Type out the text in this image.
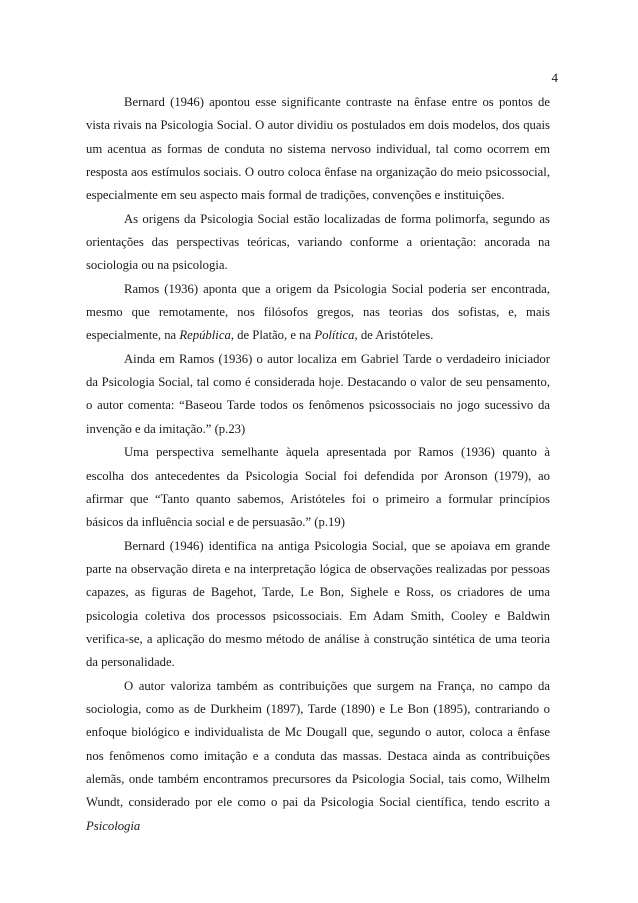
4

Bernard (1946) apontou esse significante contraste na ênfase entre os pontos de vista rivais na Psicologia Social. O autor dividiu os postulados em dois modelos, dos quais um acentua as formas de conduta no sistema nervoso individual, tal como ocorrem em resposta aos estímulos sociais. O outro coloca ênfase na organização do meio psicossocial, especialmente em seu aspecto mais formal de tradições, convenções e instituições.

As origens da Psicologia Social estão localizadas de forma polimorfa, segundo as orientações das perspectivas teóricas, variando conforme a orientação: ancorada na sociologia ou na psicologia.

Ramos (1936) aponta que a origem da Psicologia Social poderia ser encontrada, mesmo que remotamente, nos filósofos gregos, nas teorias dos sofistas, e, mais especialmente, na República, de Platão, e na Política, de Aristóteles.

Ainda em Ramos (1936) o autor localiza em Gabriel Tarde o verdadeiro iniciador da Psicologia Social, tal como é considerada hoje. Destacando o valor de seu pensamento, o autor comenta: “Baseou Tarde todos os fenômenos psicossociais no jogo sucessivo da invenção e da imitação.” (p.23)

Uma perspectiva semelhante àquela apresentada por Ramos (1936) quanto à escolha dos antecedentes da Psicologia Social foi defendida por Aronson (1979), ao afirmar que “Tanto quanto sabemos, Aristóteles foi o primeiro a formular princípios básicos da influência social e de persuasão.” (p.19)

Bernard (1946) identifica na antiga Psicologia Social, que se apoiava em grande parte na observação direta e na interpretação lógica de observações realizadas por pessoas capazes, as figuras de Bagehot, Tarde, Le Bon, Sighele e Ross, os criadores de uma psicologia coletiva dos processos psicossociais. Em Adam Smith, Cooley e Baldwin verifica-se, a aplicação do mesmo método de análise à construção sintética de uma teoria da personalidade.

O autor valoriza também as contribuições que surgem na França, no campo da sociologia, como as de Durkheim (1897), Tarde (1890) e Le Bon (1895), contrariando o enfoque biológico e individualista de Mc Dougall que, segundo o autor, coloca a ênfase nos fenômenos como imitação e a conduta das massas. Destaca ainda as contribuições alemãs, onde também encontramos precursores da Psicologia Social, tais como, Wilhelm Wundt, considerado por ele como o pai da Psicologia Social científica, tendo escrito a Psicologia
